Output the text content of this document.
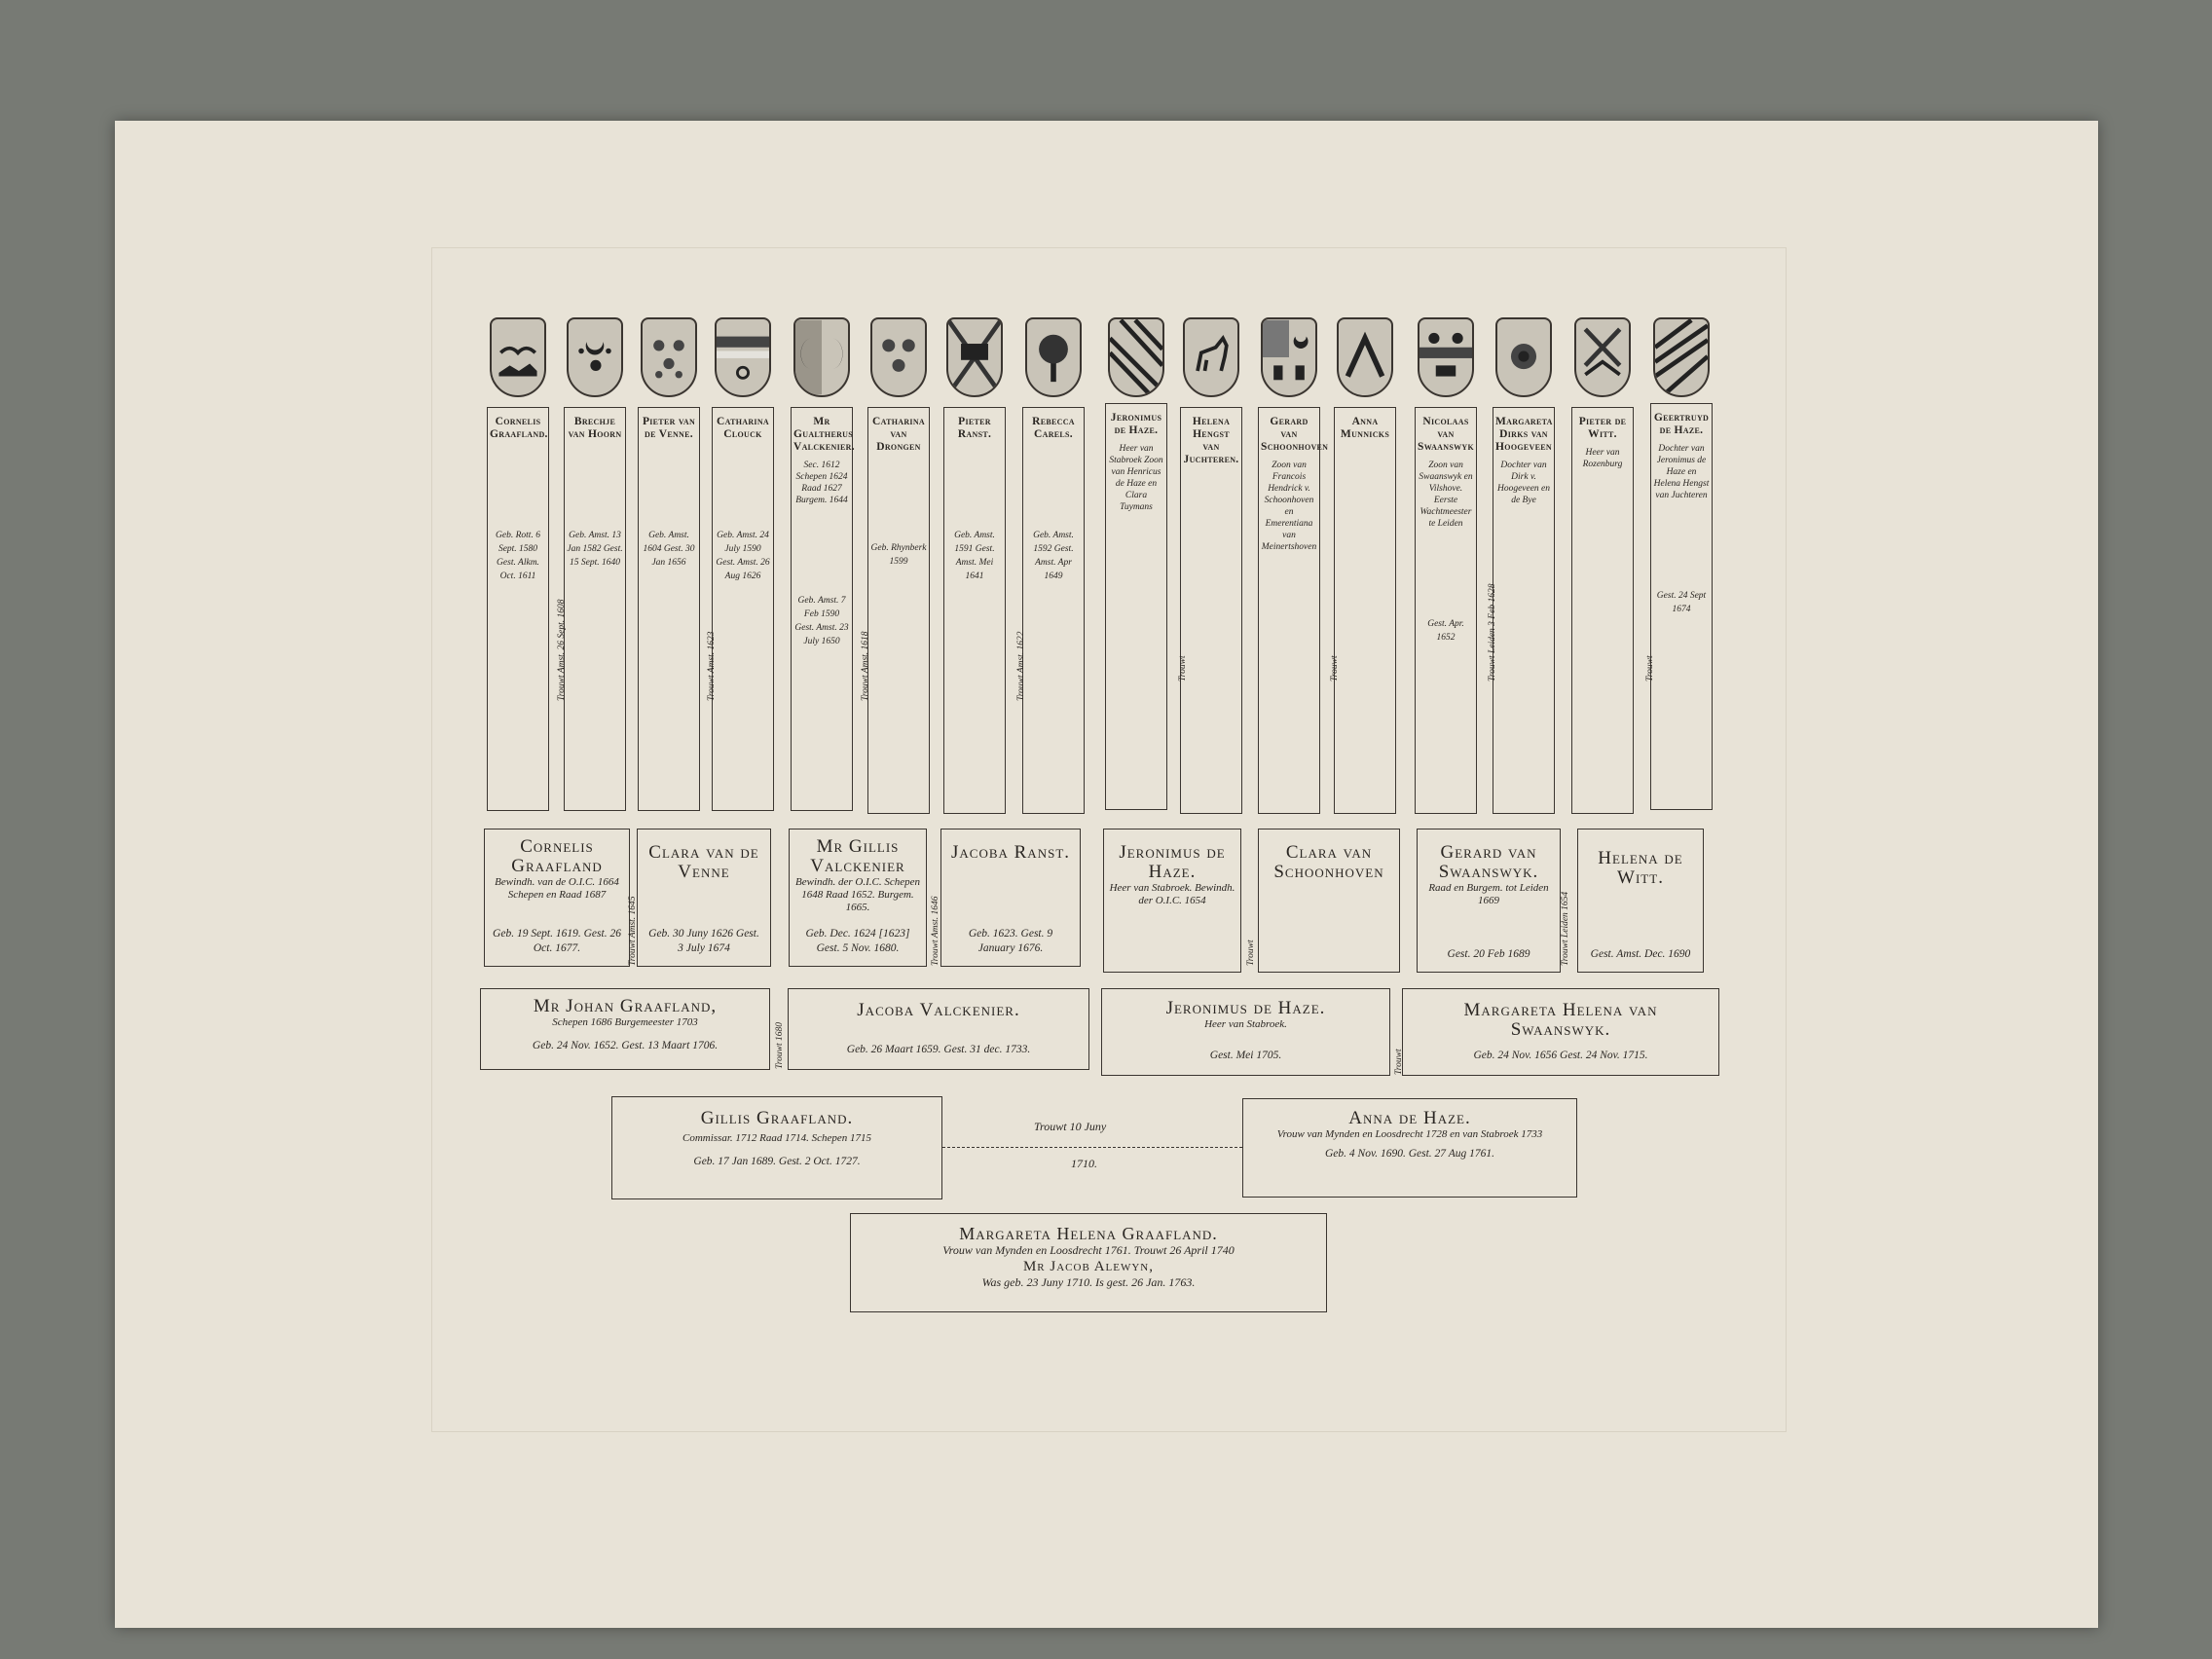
Cornelis Graafland.
Geb. Rott. 6 Sept. 1580 Gest. Alkm. Oct. 1611
Brechje van Hoorn
Geb. Amst. 13 Jan 1582 Gest. 15 Sept. 1640
Pieter van de Venne.
Geb. Amst. 1604 Gest. 30 Jan 1656
Catharina Clouck
Geb. Amst. 24 July 1590 Gest. Amst. 26 Aug 1626
Mr Gualtherus Valckenier.
Sec. 1612 Schepen 1624 Raad 1627 Burgem. 1644
Geb. Amst. 7 Feb 1590 Gest. Amst. 23 July 1650
Catharina van Drongen
Geb. Rhynberk 1599
Pieter Ranst.
Geb. Amst. 1591 Gest. Amst. Mei 1641
Rebecca Carels.
Geb. Amst. 1592 Gest. Amst. Apr 1649
Jeronimus de Haze.
Heer van Stabroek Zoon van Henricus de Haze en Clara Tuymans
Helena Hengst van Juchteren.
Gerard van Schoonhoven
Zoon van Francois Hendrick v. Schoonhoven en Emerentiana van Meinertshoven
Anna Munnicks
Nicolaas van Swaanswyk
Zoon van Swaanswyk en Vilshove. Eerste Wachtmeester te Leiden
Gest. Apr. 1652
Margareta Dirks van Hoogeveen
Dochter van Dirk v. Hoogeveen en de Bye
Pieter de Witt.
Heer van Rozenburg
Geertruyd de Haze.
Dochter van Jeronimus de Haze en Helena Hengst van Juchteren
Gest. 24 Sept 1674
Trouwt Amst. 26 Sept. 1608	Trouwt Amst. 1623	Trouwt Amst. 1618	Trouwt Amst. 1622	Trouwt	Trouwt	Trouwt Leiden 3 Feb 1628	Trouwt
Cornelis Graafland
Bewindh. van de O.I.C. 1664 Schepen en Raad 1687
Geb. 19 Sept. 1619. Gest. 26 Oct. 1677.
Clara van de Venne
Geb. 30 Juny 1626 Gest. 3 July 1674
Mr Gillis Valckenier
Bewindh. der O.I.C. Schepen 1648 Raad 1652. Burgem. 1665.
Geb. Dec. 1624 [1623] Gest. 5 Nov. 1680.
Jacoba Ranst.
Geb. 1623. Gest. 9 January 1676.
Jeronimus de Haze.
Heer van Stabroek. Bewindh. der O.I.C. 1654
Clara van Schoonhoven
Gerard van Swaanswyk.
Raad en Burgem. tot Leiden 1669
Gest. 20 Feb 1689
Helena de Witt.
Gest. Amst. Dec. 1690
Trouwt Amst. 1645	Trouwt Amst. 1646	Trouwt	Trouwt Leiden 1654
Mr Johan Graafland,
Schepen 1686 Burgemeester 1703
Geb. 24 Nov. 1652. Gest. 13 Maart 1706.
Jacoba Valckenier.
Geb. 26 Maart 1659. Gest. 31 dec. 1733.
Jeronimus de Haze.
Heer van Stabroek.
Gest. Mei 1705.
Margareta Helena van Swaanswyk.
Geb. 24 Nov. 1656 Gest. 24 Nov. 1715.
Trouwt 1680	Trouwt
Gillis Graafland.
Commissar. 1712 Raad 1714. Schepen 1715
Geb. 17 Jan 1689. Gest. 2 Oct. 1727.
Trouwt 10 Juny
1710.
Anna de Haze.
Vrouw van Mynden en Loosdrecht 1728 en van Stabroek 1733
Geb. 4 Nov. 1690. Gest. 27 Aug 1761.
Margareta Helena Graafland.
Vrouw van Mynden en Loosdrecht 1761. Trouwt 26 April 1740
Mr Jacob Alewyn,
Was geb. 23 Juny 1710. Is gest. 26 Jan. 1763.
